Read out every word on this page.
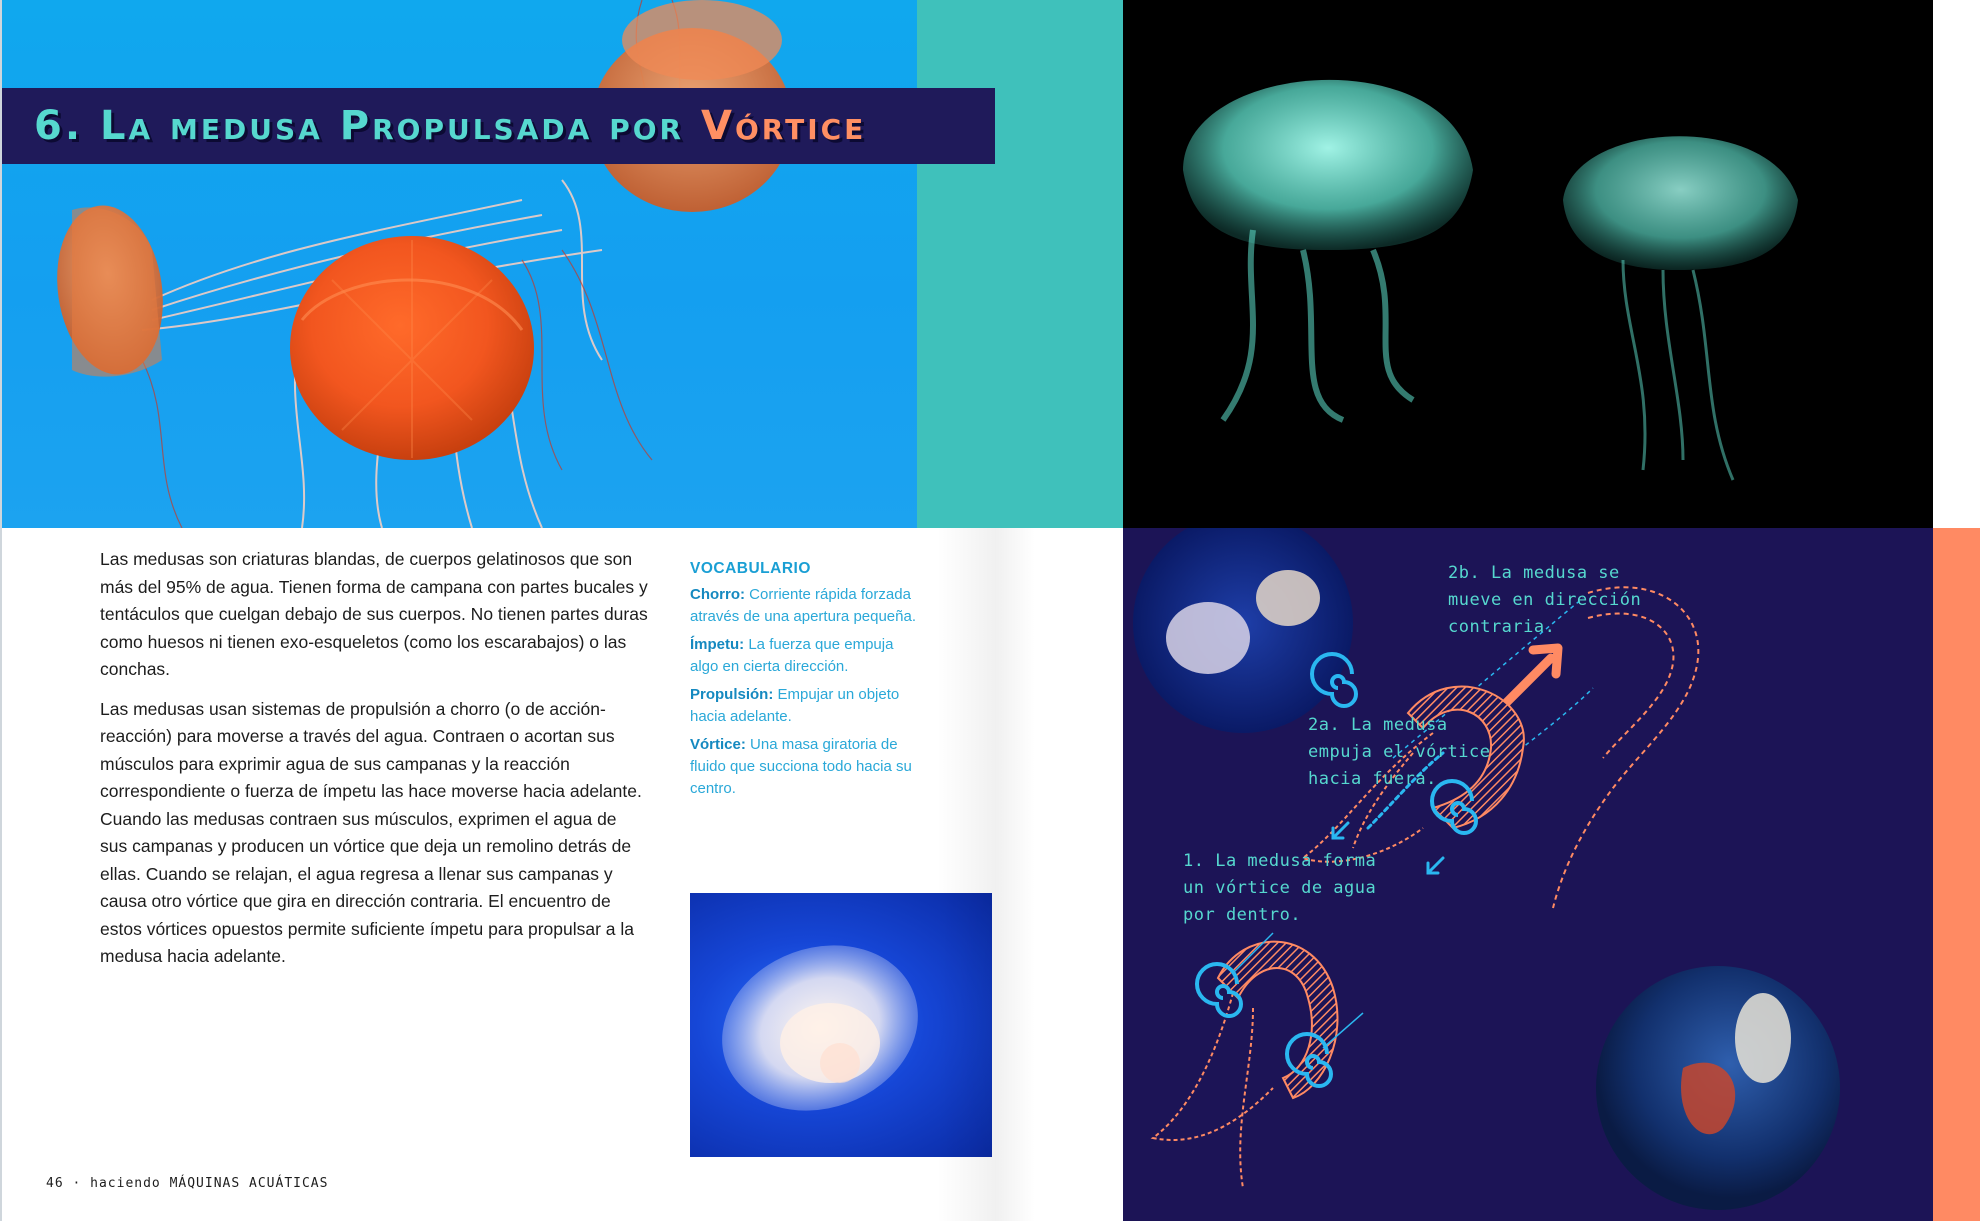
6. La medusa Propulsada por Vórtice

Las medusas son criaturas blandas, de cuerpos gelatinosos que son más del 95% de agua. Tienen forma de campana con partes bucales y tentáculos que cuelgan debajo de sus cuerpos. No tienen partes duras como huesos ni tienen exo-esqueletos (como los escarabajos) o las conchas.

Las medusas usan sistemas de propulsión a chorro (o de acción-reacción) para moverse a través del agua. Contraen o acortan sus músculos para exprimir agua de sus campanas y la reacción correspondiente o fuerza de ímpetu las hace moverse hacia adelante. Cuando las medusas contraen sus músculos, exprimen el agua de sus campanas y producen un vórtice que deja un remolino detrás de ellas. Cuando se relajan, el agua regresa a llenar sus campanas y causa otro vórtice que gira en dirección contraria. El encuentro de estos vórtices opuestos permite suficiente ímpetu para propulsar a la medusa hacia adelante.

VOCABULARIO
Chorro: Corriente rápida forzada através de una apertura pequeña.
Ímpetu: La fuerza que empuja algo en cierta dirección.
Propulsión: Empujar un objeto hacia adelante.
Vórtice: Una masa giratoria de fluido que succiona todo hacia su centro.
46 · haciendo MÁQUINAS ACUÁTICAS
2b. La medusa se
mueve en dirección
contraria.
2a. La medusa
empuja el vórtice
hacia fuera.
1. La medusa forma
un vórtice de agua
por dentro.
